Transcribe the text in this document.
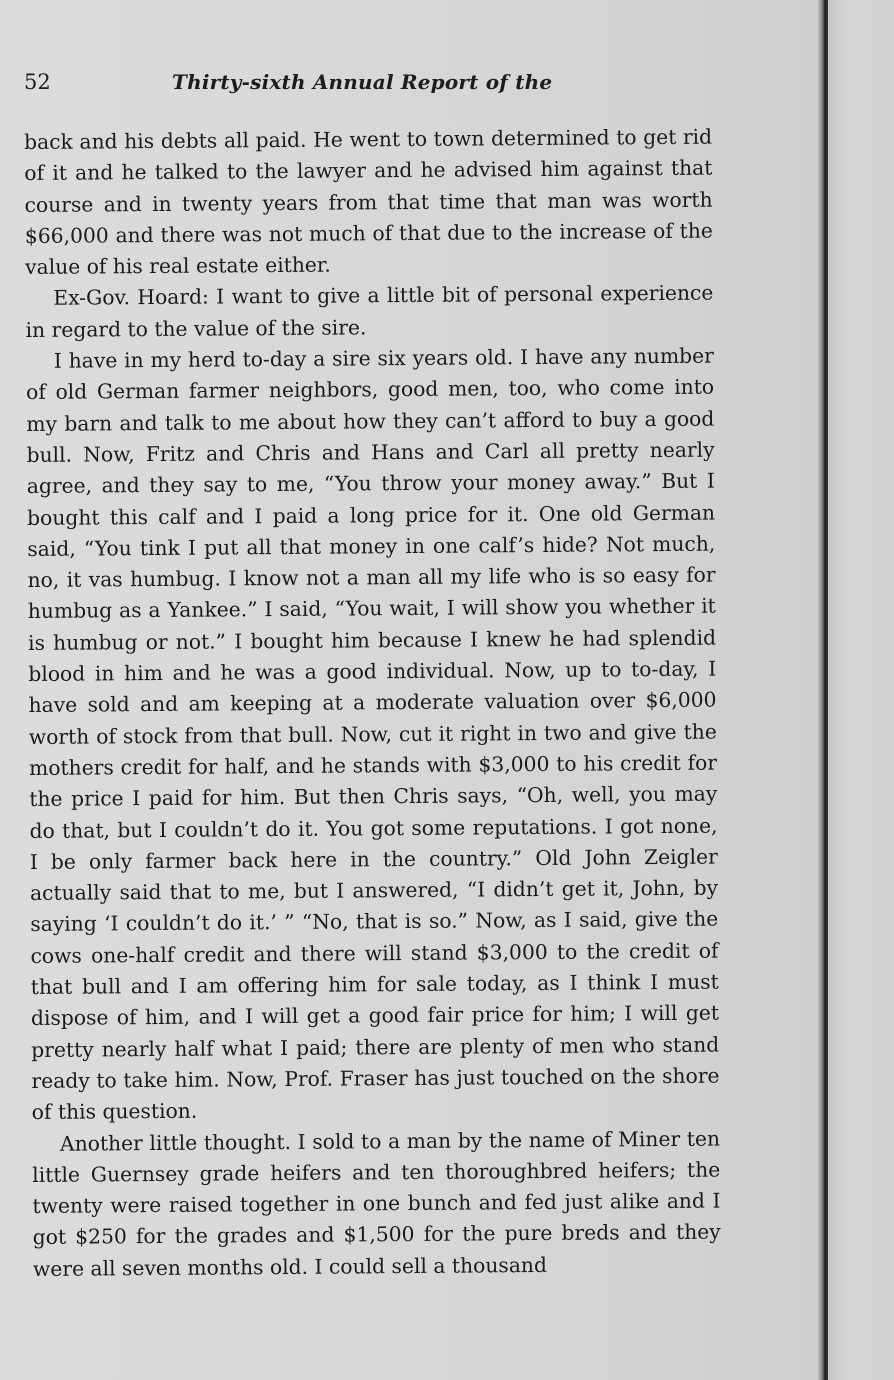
52	Thirty-sixth Annual Report of the

back and his debts all paid. He went to town determined to get rid of it and he talked to the lawyer and he advised him against that course and in twenty years from that time that man was worth $66,000 and there was not much of that due to the increase of the value of his real estate either.

Ex-Gov. Hoard: I want to give a little bit of personal experience in regard to the value of the sire.

I have in my herd to-day a sire six years old. I have any number of old German farmer neighbors, good men, too, who come into my barn and talk to me about how they can’t afford to buy a good bull. Now, Fritz and Chris and Hans and Carl all pretty nearly agree, and they say to me, “You throw your money away.” But I bought this calf and I paid a long price for it. One old German said, “You tink I put all that money in one calf’s hide? Not much, no, it vas humbug. I know not a man all my life who is so easy for humbug as a Yankee.” I said, “You wait, I will show you whether it is humbug or not.” I bought him because I knew he had splendid blood in him and he was a good individual. Now, up to to-day, I have sold and am keeping at a moderate valuation over $6,000 worth of stock from that bull. Now, cut it right in two and give the mothers credit for half, and he stands with $3,000 to his credit for the price I paid for him. But then Chris says, “Oh, well, you may do that, but I couldn’t do it. You got some reputations. I got none, I be only farmer back here in the country.” Old John Zeigler actually said that to me, but I answered, “I didn’t get it, John, by saying ‘I couldn’t do it.’ ” “No, that is so.” Now, as I said, give the cows one-half credit and there will stand $3,000 to the credit of that bull and I am offering him for sale today, as I think I must dispose of him, and I will get a good fair price for him; I will get pretty nearly half what I paid; there are plenty of men who stand ready to take him. Now, Prof. Fraser has just touched on the shore of this question.

Another little thought. I sold to a man by the name of Miner ten little Guernsey grade heifers and ten thoroughbred heifers; the twenty were raised together in one bunch and fed just alike and I got $250 for the grades and $1,500 for the pure breds and they were all seven months old. I could sell a thousand
